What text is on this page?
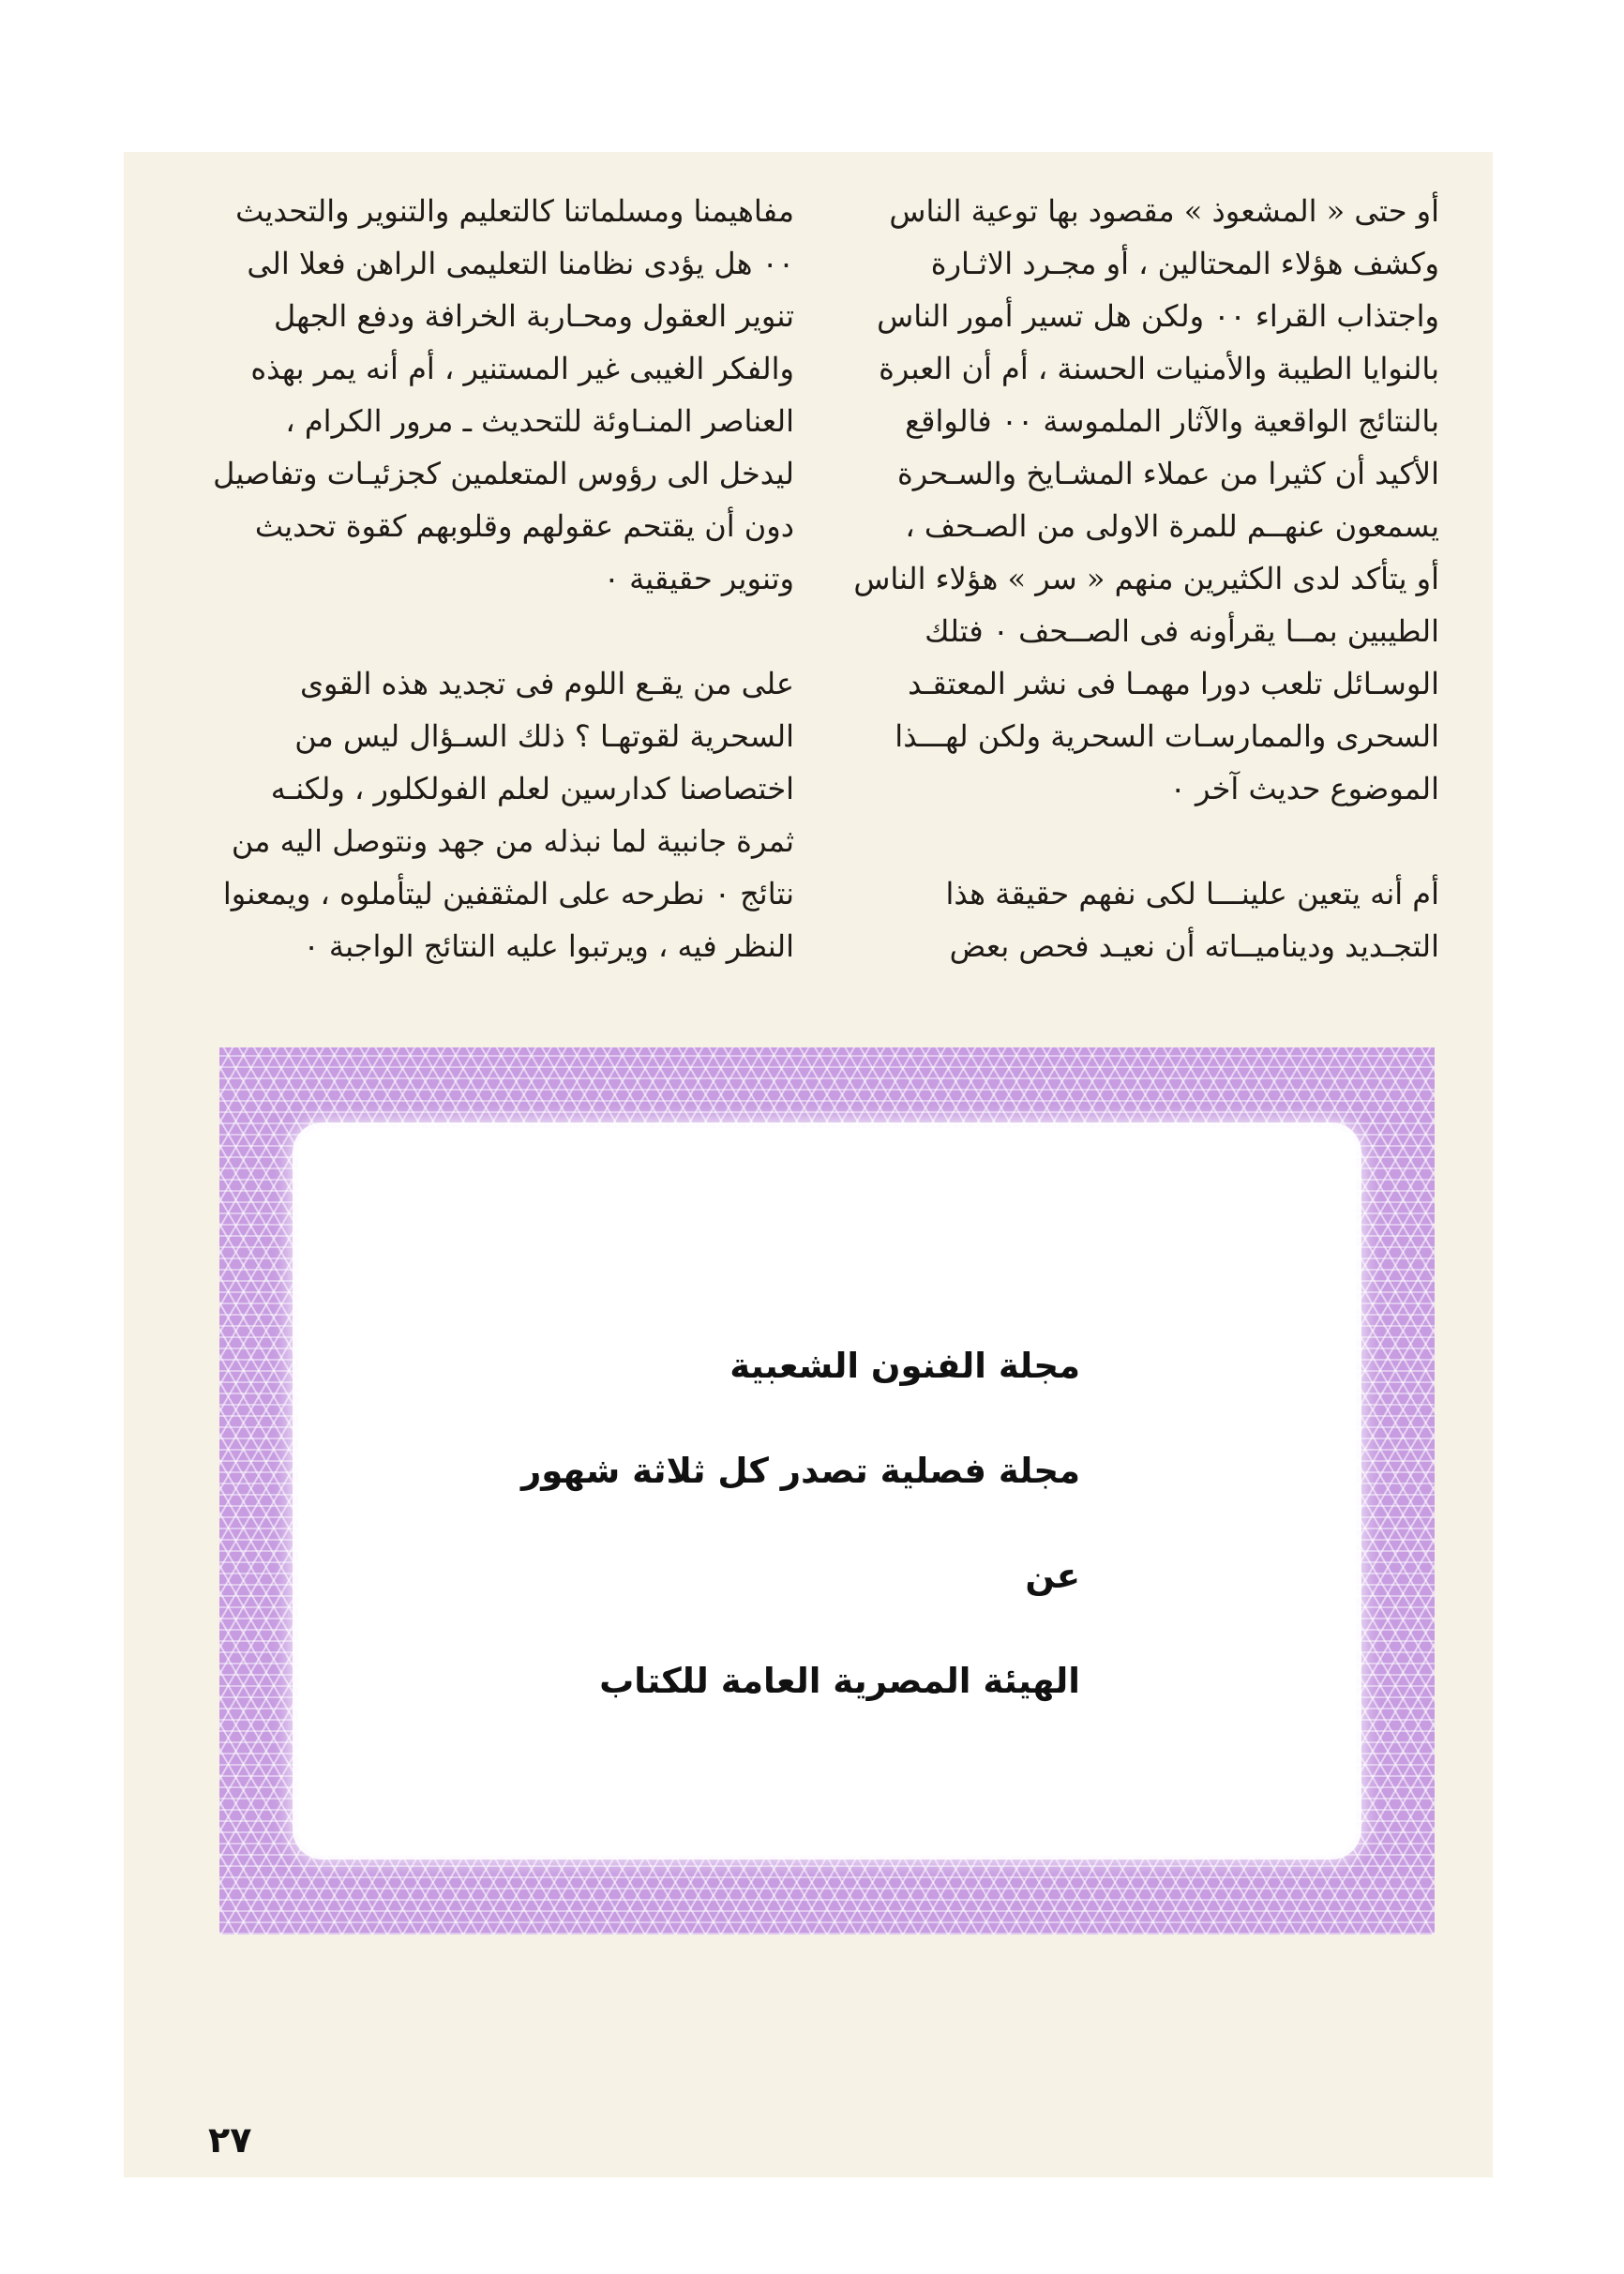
أو حتى « المشعوذ » مقصود بها توعية الناس
وكشف هؤلاء المحتالين ، أو مجـرد الاثـارة
واجتذاب القراء ٠٠ ولكن هل تسير أمور الناس
بالنوايا الطيبة والأمنيات الحسنة ، أم أن العبرة
بالنتائج الواقعية والآثار الملموسة ٠٠ فالواقع
الأكيد أن كثيرا من عملاء المشـايخ والسـحرة
يسمعون عنهــم للمرة الاولى من الصـحف ،
أو يتأكد لدى الكثيرين منهم « سر » هؤلاء الناس
الطيبين بمــا يقرأونه فى الصــحف ٠ فتلك
الوسـائل تلعب دورا مهمـا فى نشر المعتقـد
السحرى والممارسـات السحرية ولكن لهـــذا
الموضوع حديث آخر ٠

أم أنه يتعين علينـــا لكى نفهم حقيقة هذا
التجـديد وديناميــاته أن نعيـد فحص بعض

مفاهيمنا ومسلماتنا كالتعليم والتنوير والتحديث
٠٠ هل يؤدى نظامنا التعليمى الراهن فعلا الى
تنوير العقول ومحـاربة الخرافة ودفع الجهل
والفكر الغيبى غير المستنير ، أم أنه يمر بهذه
العناصر المنـاوئة للتحديث ـ مرور الكرام ،
ليدخل الى رؤوس المتعلمين كجزئيـات وتفاصيل
دون أن يقتحم عقولهم وقلوبهم كقوة تحديث
وتنوير حقيقية ٠

على من يقـع اللوم فى تجديد هذه القوى
السحرية لقوتهـا ؟ ذلك السـؤال ليس من
اختصاصنا كدارسين لعلم الفولكلور ، ولكنـه
ثمرة جانبية لما نبذله من جهد ونتوصل اليه من
نتائج ٠ نطرحه على المثقفين ليتأملوه ، ويمعنوا
النظر فيه ، ويرتبوا عليه النتائج الواجبة ٠

مجلة الفنون الشعبية
مجلة فصلية تصدر كل ثلاثة شهور
عن
الهيئة المصرية العامة للكتاب
٢٧
